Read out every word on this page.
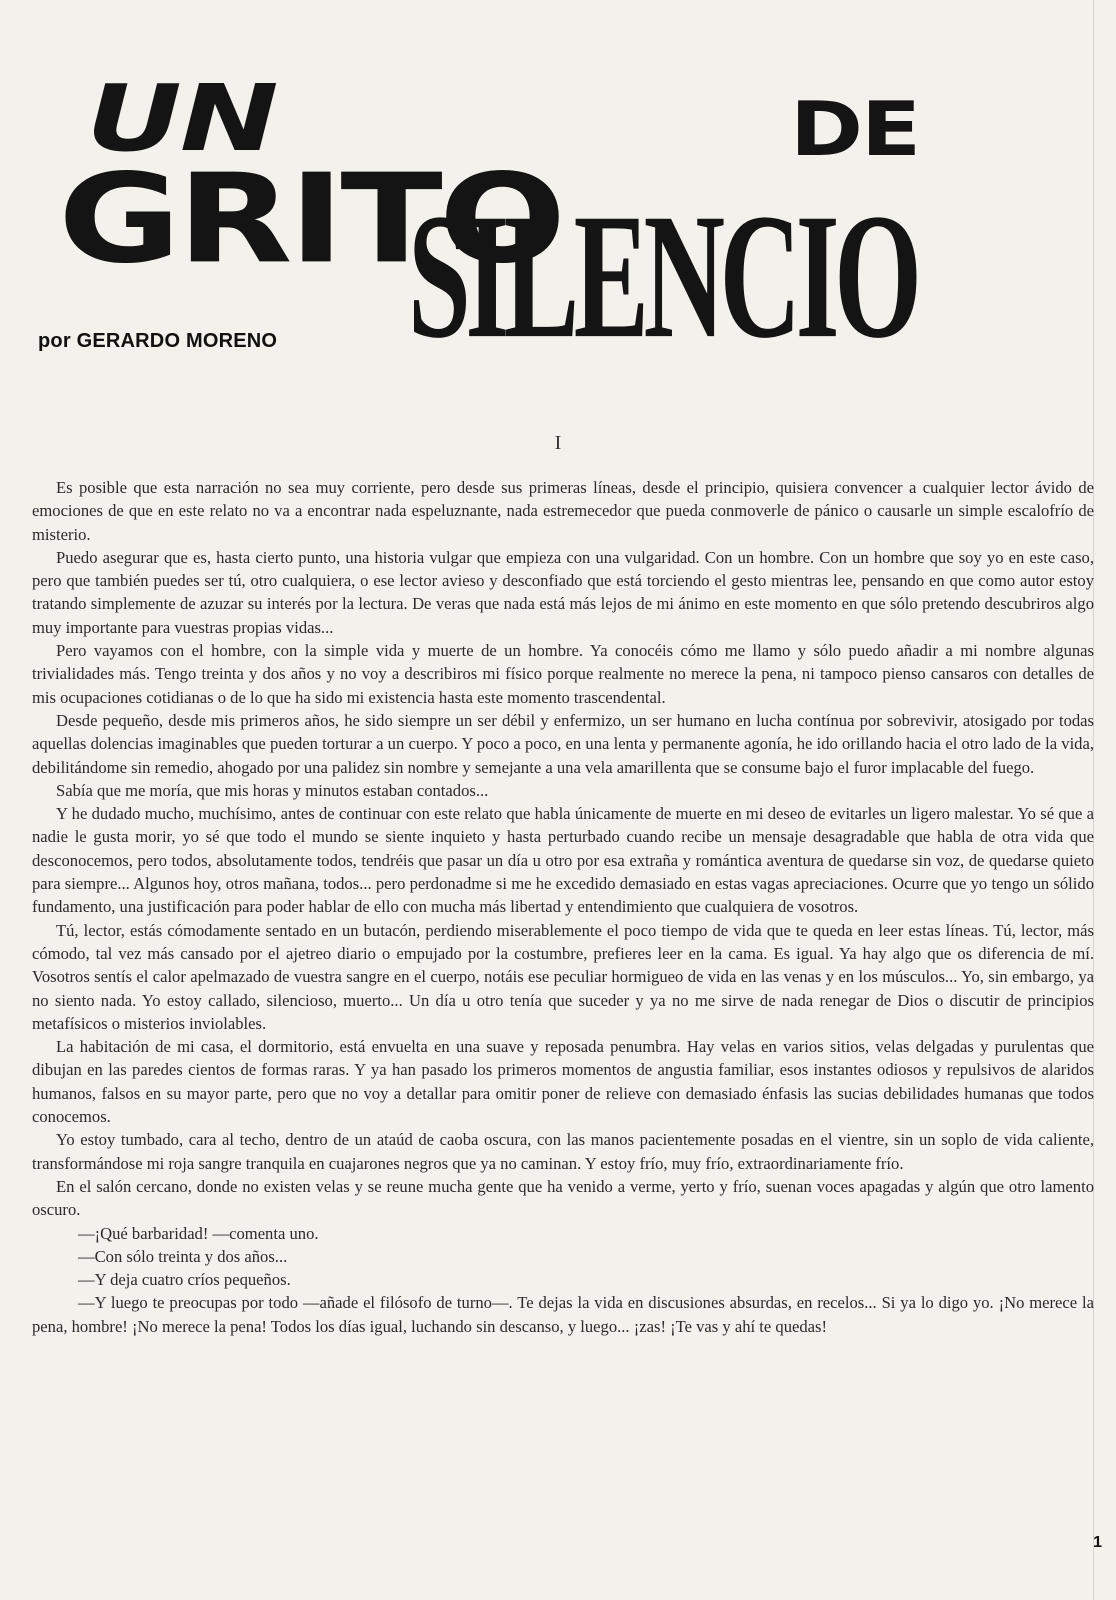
UN
GRITO
DE
SILENCIO
por GERARDO MORENO
I

Es posible que esta narración no sea muy corriente, pero desde sus primeras líneas, desde el principio, quisiera convencer a cualquier lector ávido de emociones de que en este relato no va a encontrar nada espeluznante, nada estremecedor que pueda conmoverle de pánico o causarle un simple escalofrío de misterio.

Puedo asegurar que es, hasta cierto punto, una historia vulgar que empieza con una vulgaridad. Con un hombre. Con un hombre que soy yo en este caso, pero que también puedes ser tú, otro cualquiera, o ese lector avieso y desconfiado que está torciendo el gesto mientras lee, pensando en que como autor estoy tratando simplemente de azuzar su interés por la lectura. De veras que nada está más lejos de mi ánimo en este momento en que sólo pretendo descubriros algo muy importante para vuestras propias vidas...

Pero vayamos con el hombre, con la simple vida y muerte de un hombre. Ya conocéis cómo me llamo y sólo puedo añadir a mi nombre algunas trivialidades más. Tengo treinta y dos años y no voy a describiros mi físico porque realmente no merece la pena, ni tampoco pienso cansaros con detalles de mis ocupaciones cotidianas o de lo que ha sido mi existencia hasta este momento trascendental.

Desde pequeño, desde mis primeros años, he sido siempre un ser débil y enfermizo, un ser humano en lucha contínua por sobrevivir, atosigado por todas aquellas dolencias imaginables que pueden torturar a un cuerpo. Y poco a poco, en una lenta y permanente agonía, he ido orillando hacia el otro lado de la vida, debilitándome sin remedio, ahogado por una palidez sin nombre y semejante a una vela amarillenta que se consume bajo el furor implacable del fuego.

Sabía que me moría, que mis horas y minutos estaban contados...

Y he dudado mucho, muchísimo, antes de continuar con este relato que habla únicamente de muerte en mi deseo de evitarles un ligero malestar. Yo sé que a nadie le gusta morir, yo sé que todo el mundo se siente inquieto y hasta perturbado cuando recibe un mensaje desagradable que habla de otra vida que desconocemos, pero todos, absolutamente todos, tendréis que pasar un día u otro por esa extraña y romántica aventura de quedarse sin voz, de quedarse quieto para siempre... Algunos hoy, otros mañana, todos... pero perdonadme si me he excedido demasiado en estas vagas apreciaciones. Ocurre que yo tengo un sólido fundamento, una justificación para poder hablar de ello con mucha más libertad y entendimiento que cualquiera de vosotros.

Tú, lector, estás cómodamente sentado en un butacón, perdiendo miserablemente el poco tiempo de vida que te queda en leer estas líneas. Tú, lector, más cómodo, tal vez más cansado por el ajetreo diario o empujado por la costumbre, prefieres leer en la cama. Es igual. Ya hay algo que os diferencia de mí. Vosotros sentís el calor apelmazado de vuestra sangre en el cuerpo, notáis ese peculiar hormigueo de vida en las venas y en los músculos... Yo, sin embargo, ya no siento nada. Yo estoy callado, silencioso, muerto... Un día u otro tenía que suceder y ya no me sirve de nada renegar de Dios o discutir de principios metafísicos o misterios inviolables.

La habitación de mi casa, el dormitorio, está envuelta en una suave y reposada penumbra. Hay velas en varios sitios, velas delgadas y purulentas que dibujan en las paredes cientos de formas raras. Y ya han pasado los primeros momentos de angustia familiar, esos instantes odiosos y repulsivos de alaridos humanos, falsos en su mayor parte, pero que no voy a detallar para omitir poner de relieve con demasiado énfasis las sucias debilidades humanas que todos conocemos.

Yo estoy tumbado, cara al techo, dentro de un ataúd de caoba oscura, con las manos pacientemente posadas en el vientre, sin un soplo de vida caliente, transformándose mi roja sangre tranquila en cuajarones negros que ya no caminan. Y estoy frío, muy frío, extraordinariamente frío.

En el salón cercano, donde no existen velas y se reune mucha gente que ha venido a verme, yerto y frío, suenan voces apagadas y algún que otro lamento oscuro.

—¡Qué barbaridad! —comenta uno.

—Con sólo treinta y dos años...

—Y deja cuatro críos pequeños.

—Y luego te preocupas por todo —añade el filósofo de turno—. Te dejas la vida en discusiones absurdas, en recelos... Si ya lo digo yo. ¡No merece la pena, hombre! ¡No merece la pena! Todos los días igual, luchando sin descanso, y luego... ¡zas! ¡Te vas y ahí te quedas!

1
